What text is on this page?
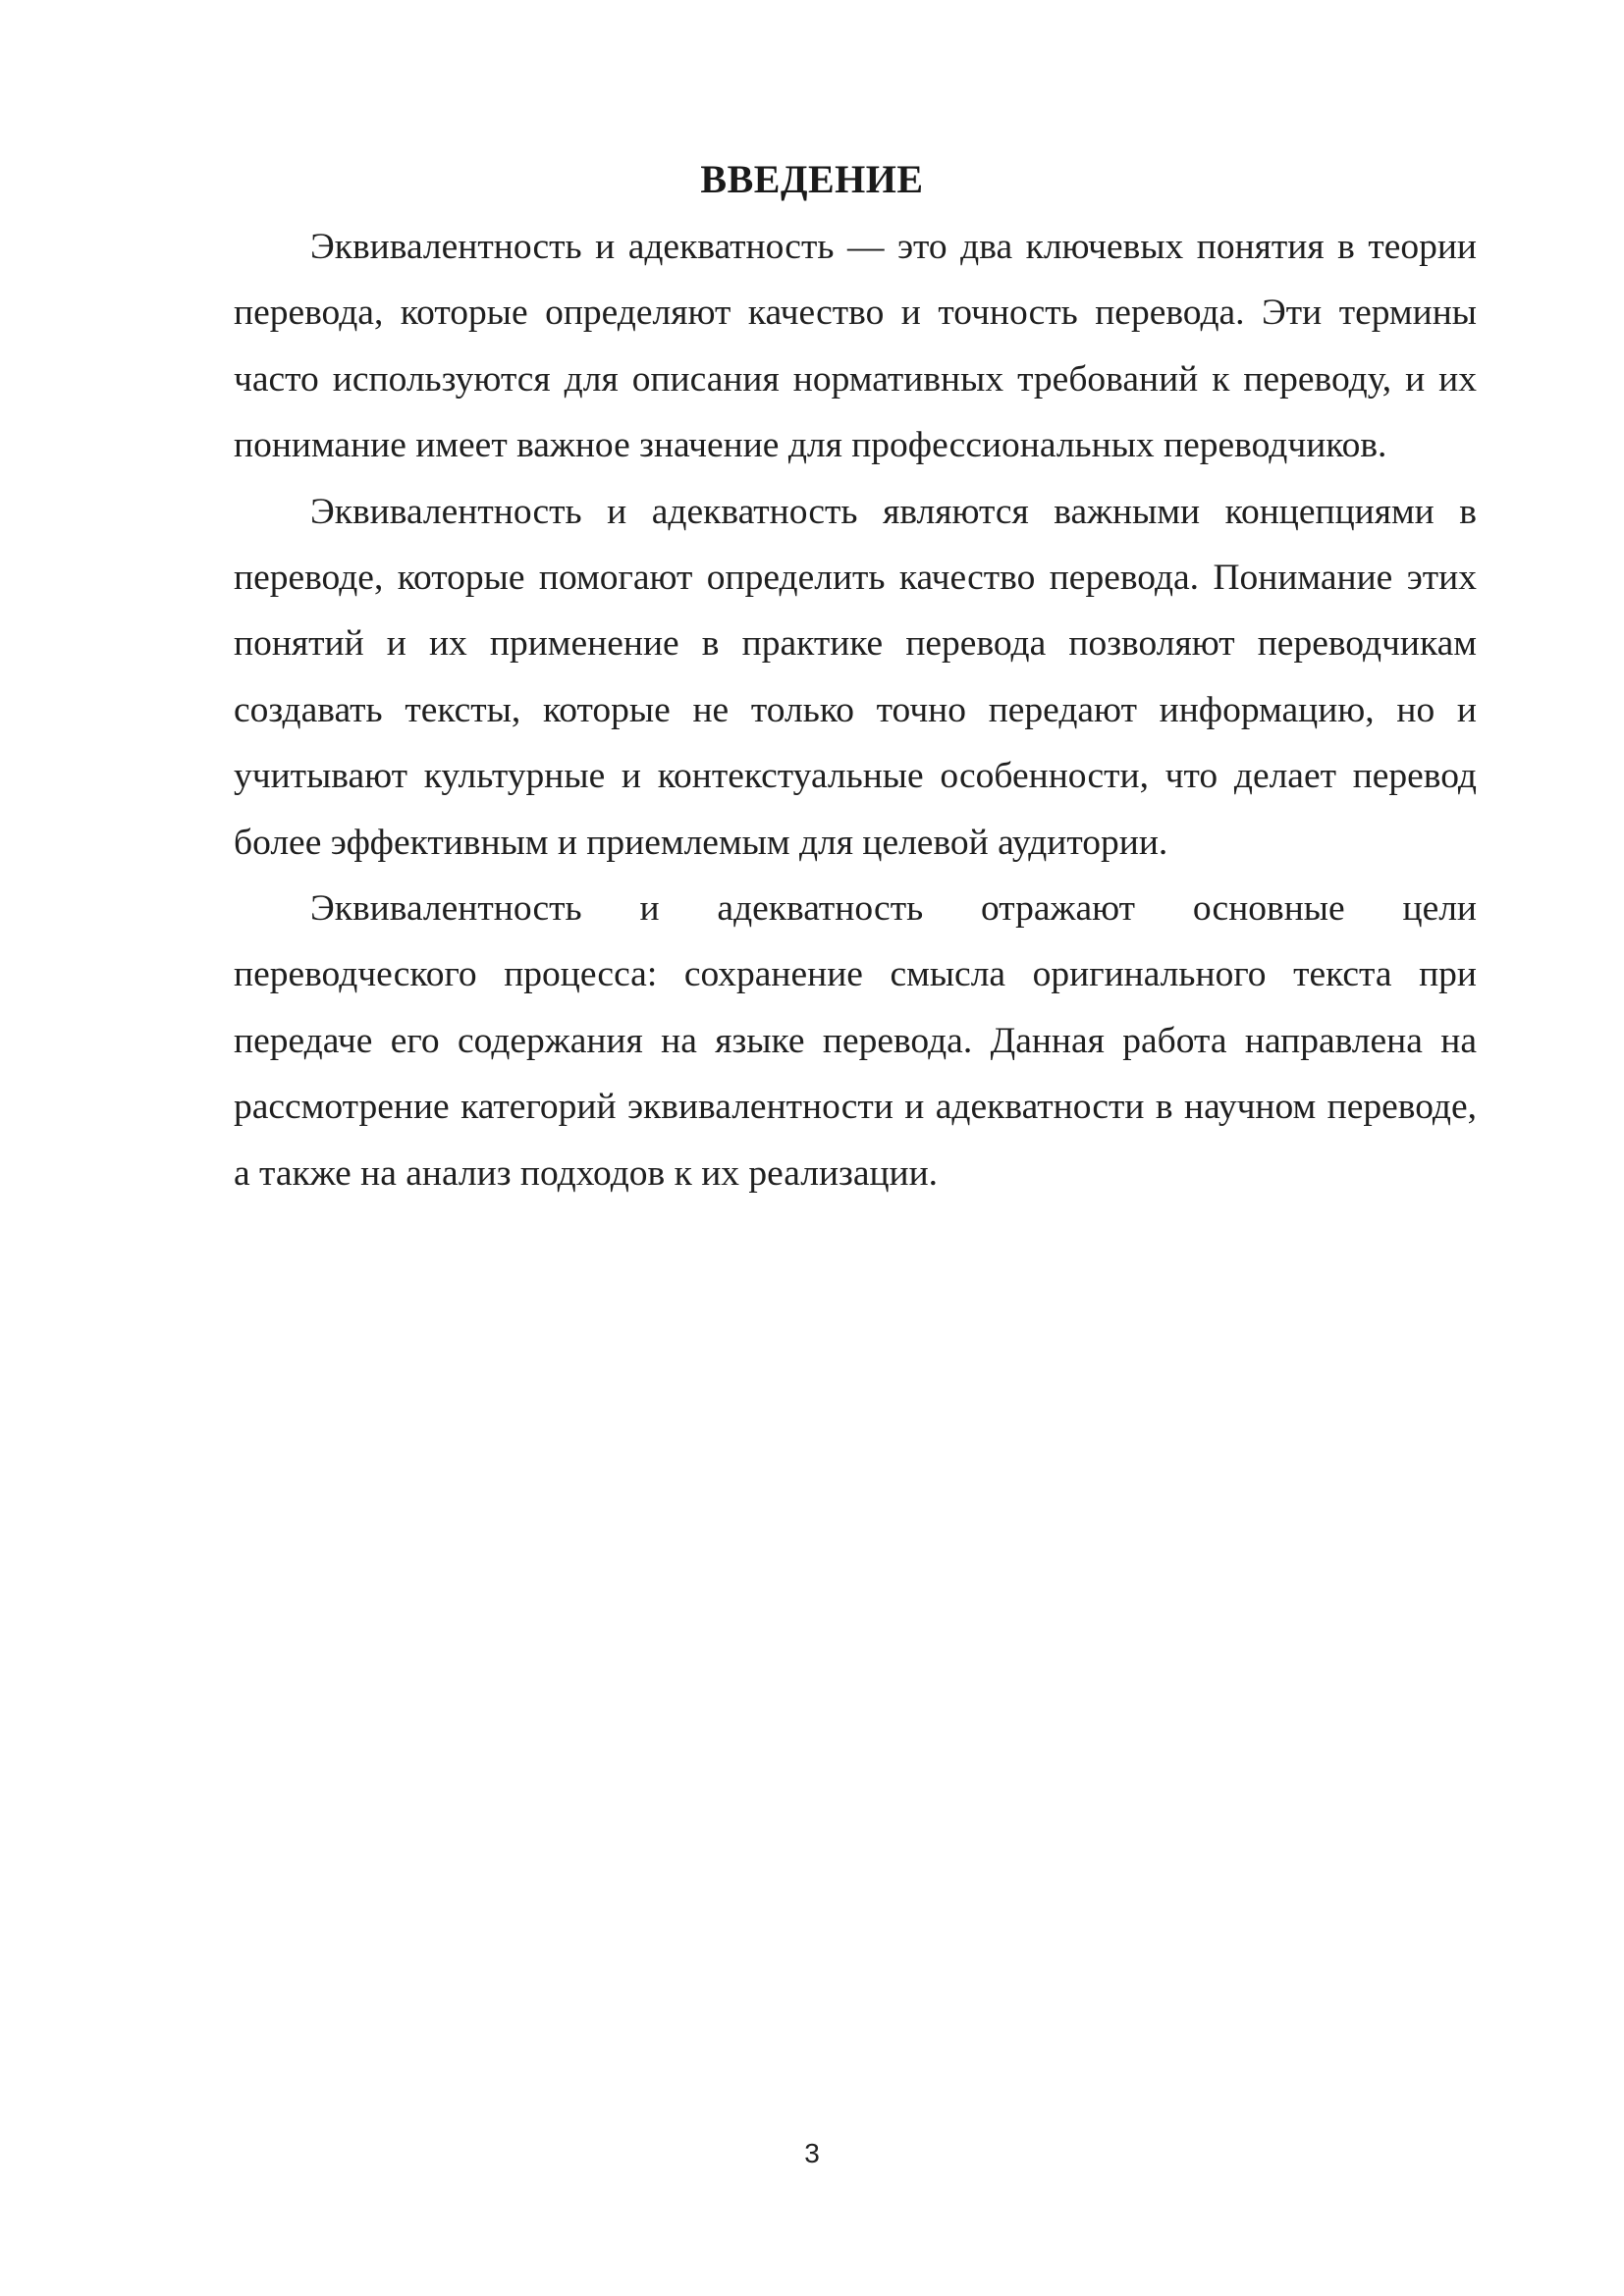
ВВЕДЕНИЕ

Эквивалентность и адекватность — это два ключевых понятия в теории перевода, которые определяют качество и точность перевода. Эти термины часто используются для описания нормативных требований к переводу, и их понимание имеет важное значение для профессиональных переводчиков.

Эквивалентность и адекватность являются важными концепциями в переводе, которые помогают определить качество перевода. Понимание этих понятий и их применение в практике перевода позволяют переводчикам создавать тексты, которые не только точно передают информацию, но и учитывают культурные и контекстуальные особенности, что делает перевод более эффективным и приемлемым для целевой аудитории.

Эквивалентность и адекватность отражают основные цели переводческого процесса: сохранение смысла оригинального текста при передаче его содержания на языке перевода. Данная работа направлена на рассмотрение категорий эквивалентности и адекватности в научном переводе, а также на анализ подходов к их реализации.

3
